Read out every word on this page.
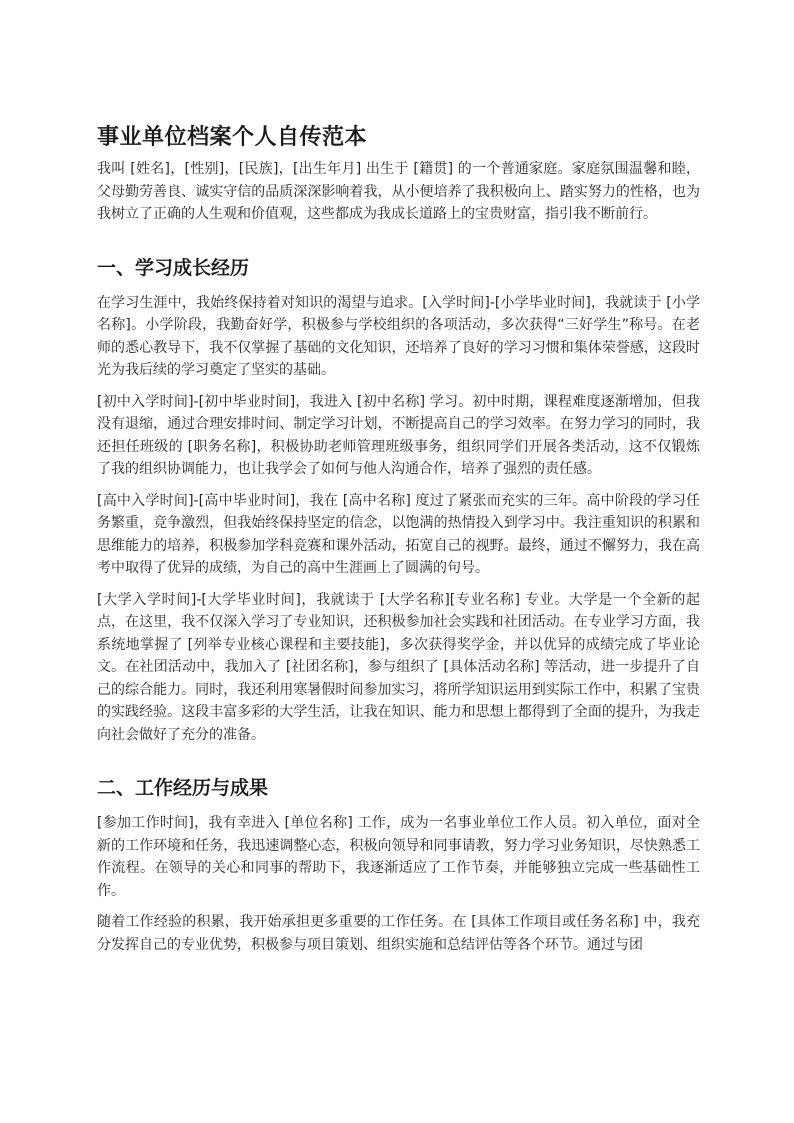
事业单位档案个人自传范本

我叫 [姓名]，[性别]，[民族]，[出生年月] 出生于 [籍贯] 的一个普通家庭。家庭氛围温馨和睦，父母勤劳善良、诚实守信的品质深深影响着我，从小便培养了我积极向上、踏实努力的性格，也为我树立了正确的人生观和价值观，这些都成为我成长道路上的宝贵财富，指引我不断前行。

一、学习成长经历

在学习生涯中，我始终保持着对知识的渴望与追求。[入学时间]-[小学毕业时间]，我就读于 [小学名称]。小学阶段，我勤奋好学，积极参与学校组织的各项活动，多次获得“三好学生”称号。在老师的悉心教导下，我不仅掌握了基础的文化知识，还培养了良好的学习习惯和集体荣誉感，这段时光为我后续的学习奠定了坚实的基础。

[初中入学时间]-[初中毕业时间]，我进入 [初中名称] 学习。初中时期，课程难度逐渐增加，但我没有退缩，通过合理安排时间、制定学习计划，不断提高自己的学习效率。在努力学习的同时，我还担任班级的 [职务名称]，积极协助老师管理班级事务，组织同学们开展各类活动，这不仅锻炼了我的组织协调能力，也让我学会了如何与他人沟通合作，培养了强烈的责任感。

[高中入学时间]-[高中毕业时间]，我在 [高中名称] 度过了紧张而充实的三年。高中阶段的学习任务繁重，竞争激烈，但我始终保持坚定的信念，以饱满的热情投入到学习中。我注重知识的积累和思维能力的培养，积极参加学科竞赛和课外活动，拓宽自己的视野。最终，通过不懈努力，我在高考中取得了优异的成绩，为自己的高中生涯画上了圆满的句号。

[大学入学时间]-[大学毕业时间]，我就读于 [大学名称][专业名称] 专业。大学是一个全新的起点，在这里，我不仅深入学习了专业知识，还积极参加社会实践和社团活动。在专业学习方面，我系统地掌握了 [列举专业核心课程和主要技能]，多次获得奖学金，并以优异的成绩完成了毕业论文。在社团活动中，我加入了 [社团名称]，参与组织了 [具体活动名称] 等活动，进一步提升了自己的综合能力。同时，我还利用寒暑假时间参加实习，将所学知识运用到实际工作中，积累了宝贵的实践经验。这段丰富多彩的大学生活，让我在知识、能力和思想上都得到了全面的提升，为我走向社会做好了充分的准备。

二、工作经历与成果

[参加工作时间]，我有幸进入 [单位名称] 工作，成为一名事业单位工作人员。初入单位，面对全新的工作环境和任务，我迅速调整心态，积极向领导和同事请教，努力学习业务知识，尽快熟悉工作流程。在领导的关心和同事的帮助下，我逐渐适应了工作节奏，并能够独立完成一些基础性工作。

随着工作经验的积累，我开始承担更多重要的工作任务。在 [具体工作项目或任务名称] 中，我充分发挥自己的专业优势，积极参与项目策划、组织实施和总结评估等各个环节。通过与团
